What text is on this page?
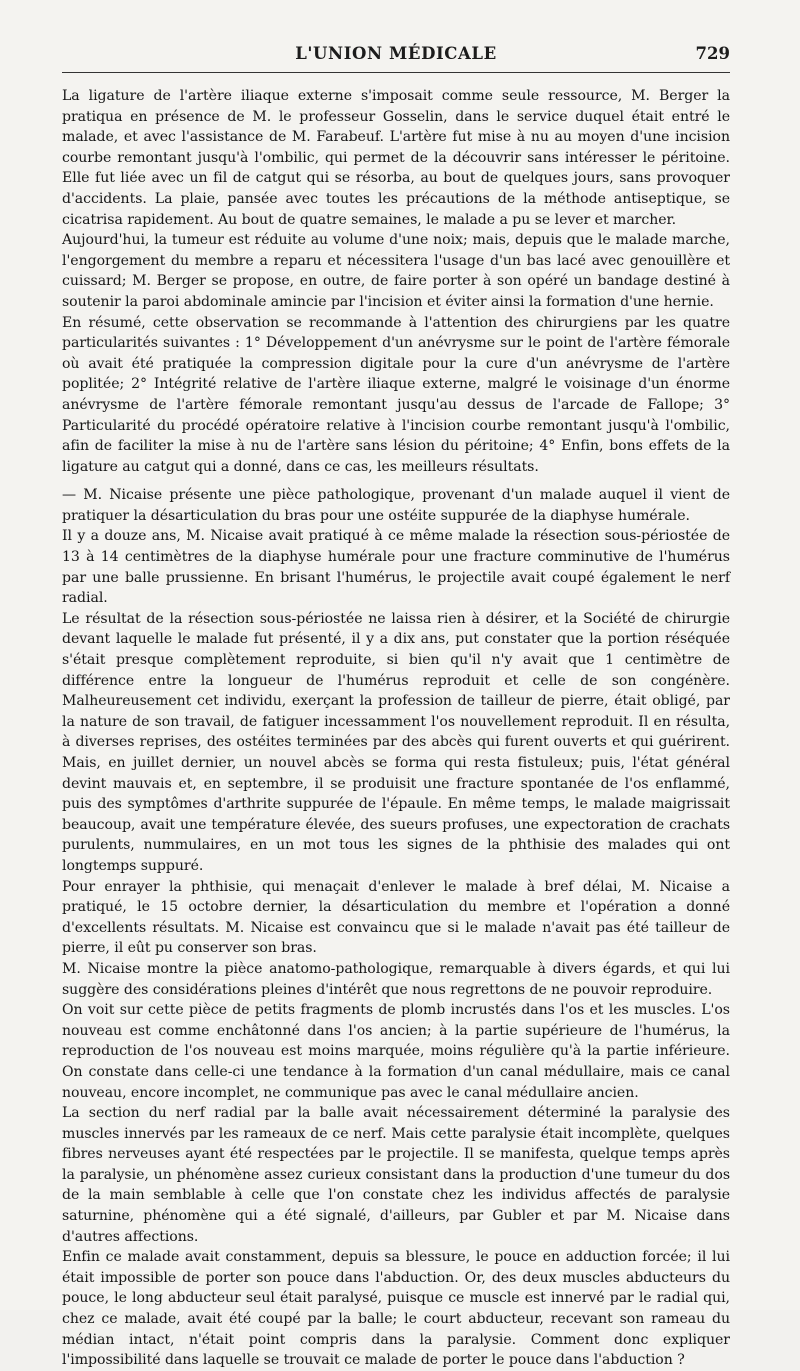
L'UNION MÉDICALE	729

La ligature de l'artère iliaque externe s'imposait comme seule ressource, M. Berger la pratiqua en présence de M. le professeur Gosselin, dans le service duquel était entré le malade, et avec l'assistance de M. Farabeuf. L'artère fut mise à nu au moyen d'une incision courbe remontant jusqu'à l'ombilic, qui permet de la découvrir sans intéresser le péritoine. Elle fut liée avec un fil de catgut qui se résorba, au bout de quelques jours, sans provoquer d'accidents. La plaie, pansée avec toutes les précautions de la méthode antiseptique, se cicatrisa rapidement. Au bout de quatre semaines, le malade a pu se lever et marcher.

Aujourd'hui, la tumeur est réduite au volume d'une noix; mais, depuis que le malade marche, l'engorgement du membre a reparu et nécessitera l'usage d'un bas lacé avec genouillère et cuissard; M. Berger se propose, en outre, de faire porter à son opéré un bandage destiné à soutenir la paroi abdominale amincie par l'incision et éviter ainsi la formation d'une hernie.

En résumé, cette observation se recommande à l'attention des chirurgiens par les quatre particularités suivantes : 1° Développement d'un anévrysme sur le point de l'artère fémorale où avait été pratiquée la compression digitale pour la cure d'un anévrysme de l'artère poplitée; 2° Intégrité relative de l'artère iliaque externe, malgré le voisinage d'un énorme anévrysme de l'artère fémorale remontant jusqu'au dessus de l'arcade de Fallope; 3° Particularité du procédé opératoire relative à l'incision courbe remontant jusqu'à l'ombilic, afin de faciliter la mise à nu de l'artère sans lésion du péritoine; 4° Enfin, bons effets de la ligature au catgut qui a donné, dans ce cas, les meilleurs résultats.

— M. Nicaise présente une pièce pathologique, provenant d'un malade auquel il vient de pratiquer la désarticulation du bras pour une ostéite suppurée de la diaphyse humérale.

Il y a douze ans, M. Nicaise avait pratiqué à ce même malade la résection sous-périostée de 13 à 14 centimètres de la diaphyse humérale pour une fracture comminutive de l'humérus par une balle prussienne. En brisant l'humérus, le projectile avait coupé également le nerf radial.

Le résultat de la résection sous-périostée ne laissa rien à désirer, et la Société de chirurgie devant laquelle le malade fut présenté, il y a dix ans, put constater que la portion réséquée s'était presque complètement reproduite, si bien qu'il n'y avait que 1 centimètre de différence entre la longueur de l'humérus reproduit et celle de son congénère. Malheureusement cet individu, exerçant la profession de tailleur de pierre, était obligé, par la nature de son travail, de fatiguer incessamment l'os nouvellement reproduit. Il en résulta, à diverses reprises, des ostéites terminées par des abcès qui furent ouverts et qui guérirent. Mais, en juillet dernier, un nouvel abcès se forma qui resta fistuleux; puis, l'état général devint mauvais et, en septembre, il se produisit une fracture spontanée de l'os enflammé, puis des symptômes d'arthrite suppurée de l'épaule. En même temps, le malade maigrissait beaucoup, avait une température élevée, des sueurs profuses, une expectoration de crachats purulents, nummulaires, en un mot tous les signes de la phthisie des malades qui ont longtemps suppuré.

Pour enrayer la phthisie, qui menaçait d'enlever le malade à bref délai, M. Nicaise a pratiqué, le 15 octobre dernier, la désarticulation du membre et l'opération a donné d'excellents résultats. M. Nicaise est convaincu que si le malade n'avait pas été tailleur de pierre, il eût pu conserver son bras.

M. Nicaise montre la pièce anatomo-pathologique, remarquable à divers égards, et qui lui suggère des considérations pleines d'intérêt que nous regrettons de ne pouvoir reproduire.

On voit sur cette pièce de petits fragments de plomb incrustés dans l'os et les muscles. L'os nouveau est comme enchâtonné dans l'os ancien; à la partie supérieure de l'humérus, la reproduction de l'os nouveau est moins marquée, moins régulière qu'à la partie inférieure. On constate dans celle-ci une tendance à la formation d'un canal médullaire, mais ce canal nouveau, encore incomplet, ne communique pas avec le canal médullaire ancien.

La section du nerf radial par la balle avait nécessairement déterminé la paralysie des muscles innervés par les rameaux de ce nerf. Mais cette paralysie était incomplète, quelques fibres nerveuses ayant été respectées par le projectile. Il se manifesta, quelque temps après la paralysie, un phénomène assez curieux consistant dans la production d'une tumeur du dos de la main semblable à celle que l'on constate chez les individus affectés de paralysie saturnine, phénomène qui a été signalé, d'ailleurs, par Gubler et par M. Nicaise dans d'autres affections.

Enfin ce malade avait constamment, depuis sa blessure, le pouce en adduction forcée; il lui était impossible de porter son pouce dans l'abduction. Or, des deux muscles abducteurs du pouce, le long abducteur seul était paralysé, puisque ce muscle est innervé par le radial qui, chez ce malade, avait été coupé par la balle; le court abducteur, recevant son rameau du médian intact, n'était point compris dans la paralysie. Comment donc expliquer l'impossibilité dans laquelle se trouvait ce malade de porter le pouce dans l'abduction ?
